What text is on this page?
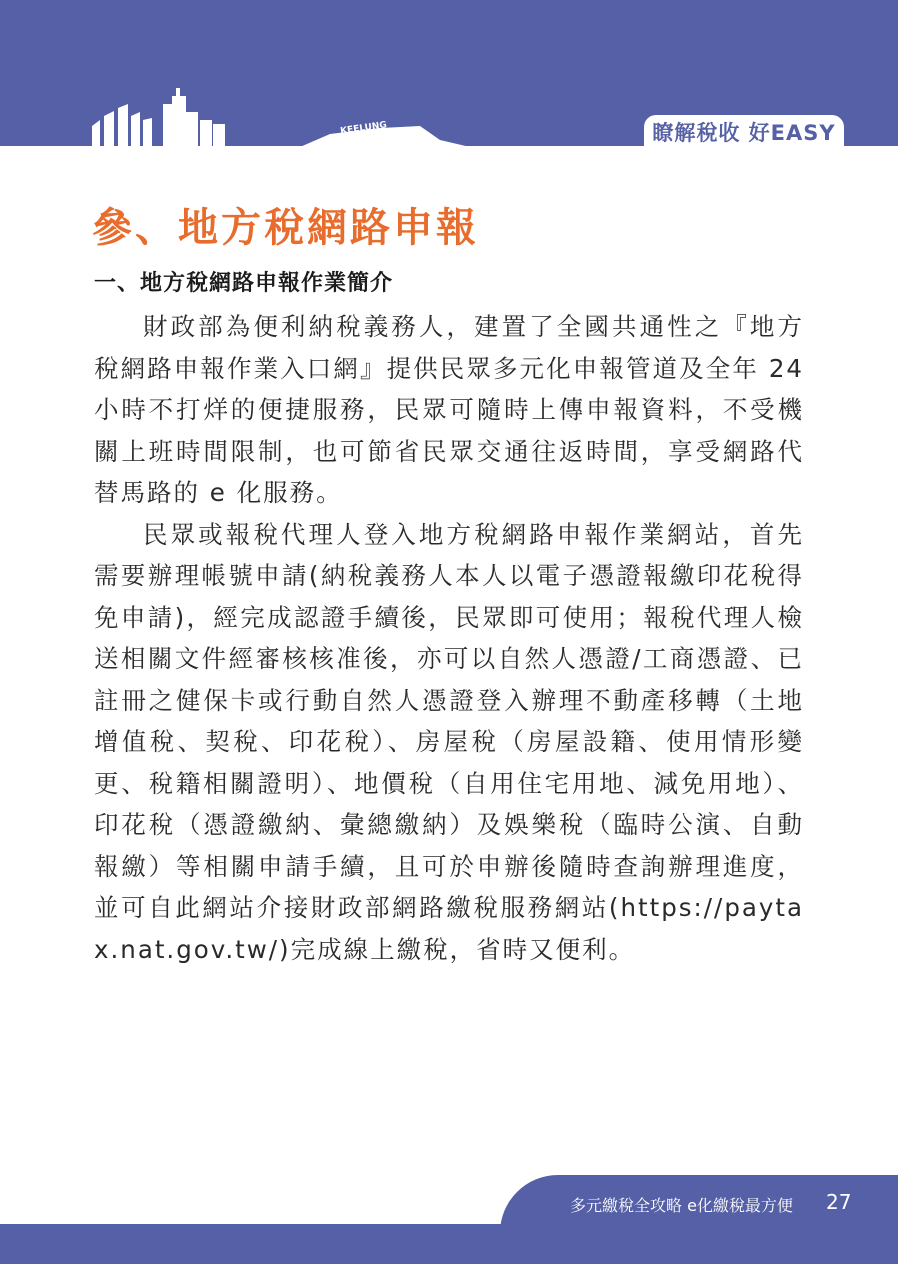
KEELUNG	瞭解稅收 好EASY
參、地方稅網路申報
一、地方稅網路申報作業簡介

財政部為便利納稅義務人，建置了全國共通性之『地方稅網路申報作業入口網』提供民眾多元化申報管道及全年 24 小時不打烊的便捷服務，民眾可隨時上傳申報資料，不受機關上班時間限制，也可節省民眾交通往返時間，享受網路代替馬路的 e 化服務。

民眾或報稅代理人登入地方稅網路申報作業網站，首先需要辦理帳號申請(納稅義務人本人以電子憑證報繳印花稅得免申請)，經完成認證手續後，民眾即可使用；報稅代理人檢送相關文件經審核核准後，亦可以自然人憑證/工商憑證、已註冊之健保卡或行動自然人憑證登入辦理不動產移轉（土地增值稅、契稅、印花稅）、房屋稅（房屋設籍、使用情形變更、稅籍相關證明）、地價稅（自用住宅用地、減免用地）、印花稅（憑證繳納、彙總繳納）及娛樂稅（臨時公演、自動報繳）等相關申請手續，且可於申辦後隨時查詢辦理進度，並可自此網站介接財政部網路繳稅服務網站(https://paytax.nat.gov.tw/)完成線上繳稅，省時又便利。

多元繳稅全攻略 e化繳稅最方便 27
